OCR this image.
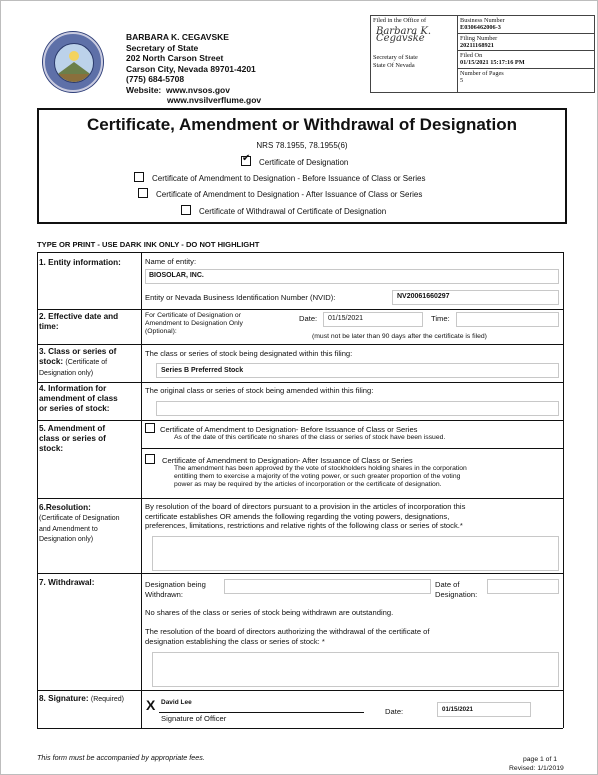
BARBARA K. CEGAVSKE
Secretary of State
202 North Carson Street
Carson City, Nevada 89701-4201
(775) 684-5708
Website: www.nvsos.gov
www.nvsilverflume.gov
Filed in the Office of
Barbara K. Cegavske
Secretary of State
State Of Nevada
Business Number
E0306462006-3
Filing Number
20211168921
Filed On
01/15/2021 15:17:16 PM
Number of Pages
5
Certificate, Amendment or Withdrawal of Designation
NRS 78.1955, 78.1955(6)
✔Certificate of Designation
Certificate of Amendment to Designation - Before Issuance of Class or Series
Certificate of Amendment to Designation - After Issuance of Class or Series
Certificate of Withdrawal of Certificate of Designation
TYPE OR PRINT - USE DARK INK ONLY - DO NOT HIGHLIGHT
1. Entity information:	Name of entity:
BIOSOLAR, INC.
Entity or Nevada Business Identification Number (NVID):	NV20061660297
2. Effective date and
time:
For Certificate of Designation or
Amendment to Designation Only
(Optional):
Date: 01/15/2021	Time:
(must not be later than 90 days after the certificate is filed)
3. Class or series of
stock: (Certificate of
Designation only)
The class or series of stock being designated within this filing:
Series B Preferred Stock
4. Information for
amendment of class
or series of stock:
The original class or series of stock being amended within this filing:
5. Amendment of
class or series of
stock:
Certificate of Amendment to Designation- Before Issuance of Class or Series
As of the date of this certificate no shares of the class or series of stock have been issued.
Certificate of Amendment to Designation- After Issuance of Class or Series
The amendment has been approved by the vote of stockholders holding shares in the corporation
entitling them to exercise a majority of the voting power, or such greater proportion of the voting
power as may be required by the articles of incorporation or the certificate of designation.
6.Resolution:
(Certificate of Designation
and Amendment to
Designation only)
By resolution of the board of directors pursuant to a provision in the articles of incorporation this
certificate establishes OR amends the following regarding the voting powers, designations,
preferences, limitations, restrictions and relative rights of the following class or series of stock.*
7. Withdrawal:	Designation being
Withdrawn:
Date of
Designation:
No shares of the class or series of stock being withdrawn are outstanding.
The resolution of the board of directors authorizing the withdrawal of the certificate of
designation establishing the class or series of stock: *
8. Signature: (Required) X David Lee
Signature of Officer
Date:	01/15/2021
This form must be accompanied by appropriate fees.	page 1 of 1
Revised: 1/1/2019
